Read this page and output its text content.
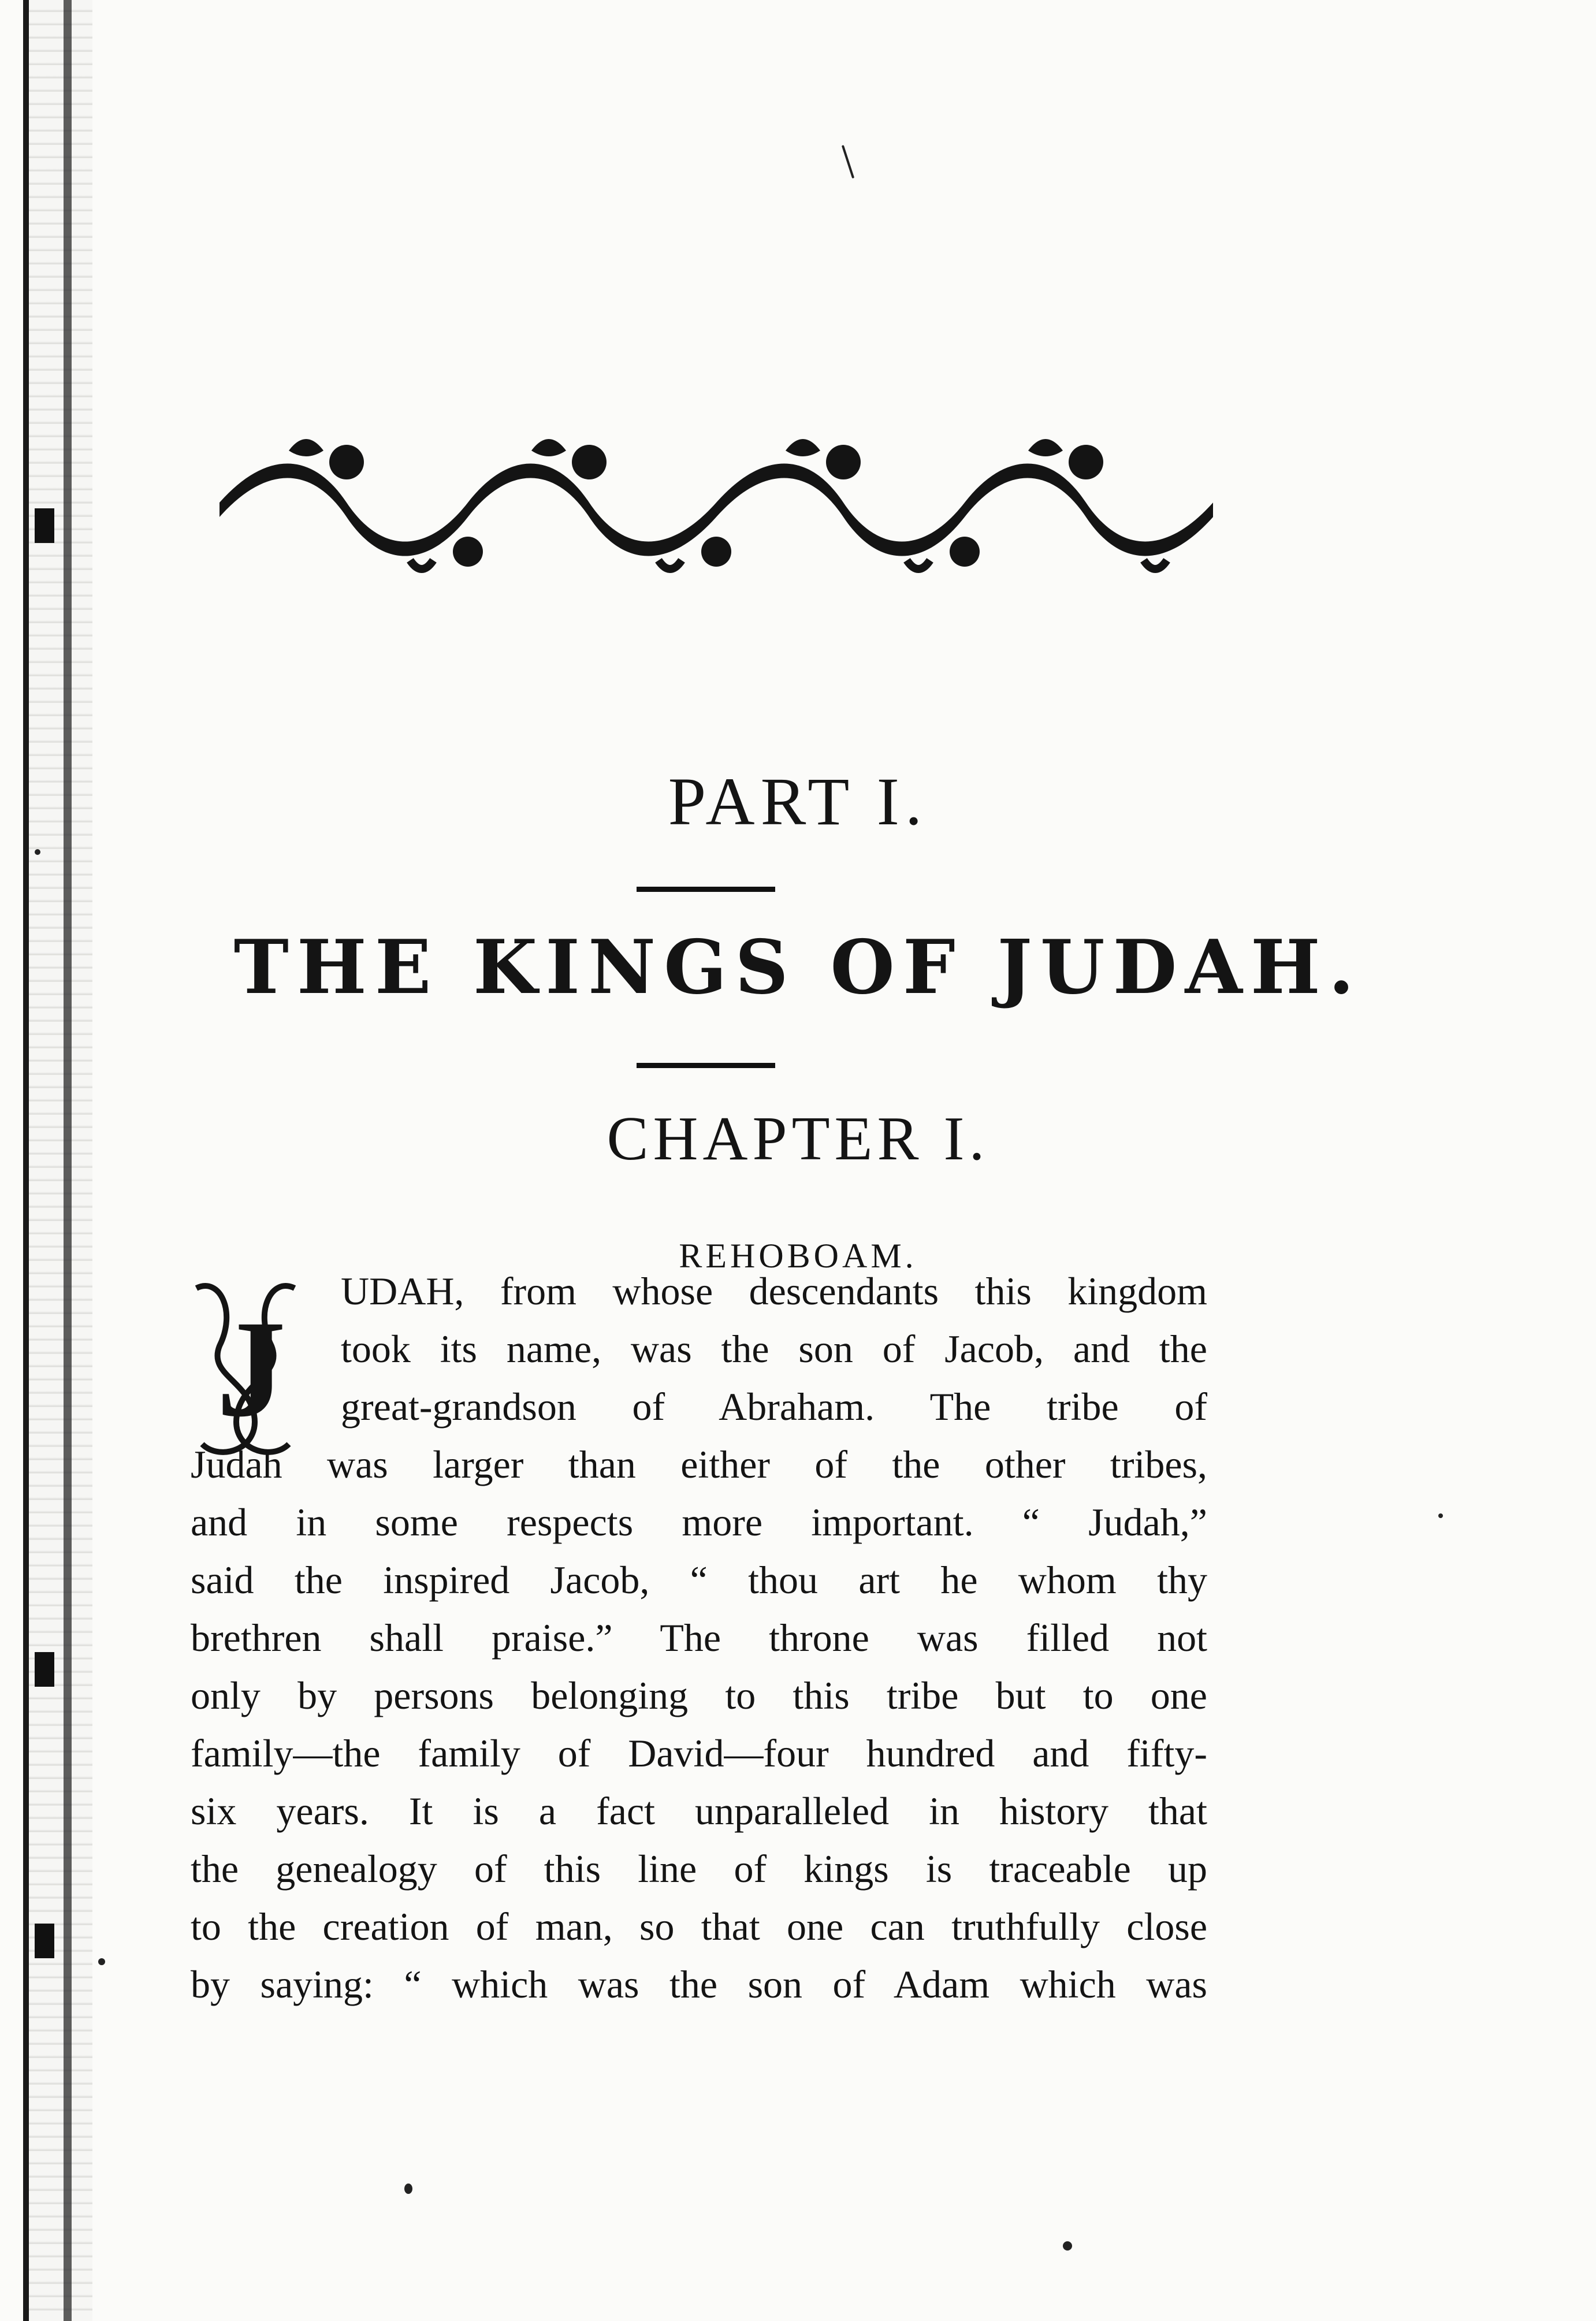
PART I.
THE KINGS OF JUDAH.
CHAPTER I.
REHOBOAM.
J
UDAH, from whose descendants this kingdom
took its name, was the son of Jacob, and the
great-grandson of Abraham. The tribe of
Judah was larger than either of the other tribes,
and in some respects more important. “ Judah,”
said the inspired Jacob, “ thou art he whom thy
brethren shall praise.” The throne was filled not
only by persons belonging to this tribe but to one
family—the family of David—four hundred and fifty-
six years. It is a fact unparalleled in history that
the genealogy of this line of kings is traceable up
to the creation of man, so that one can truthfully close
by saying: “ which was the son of Adam which was
